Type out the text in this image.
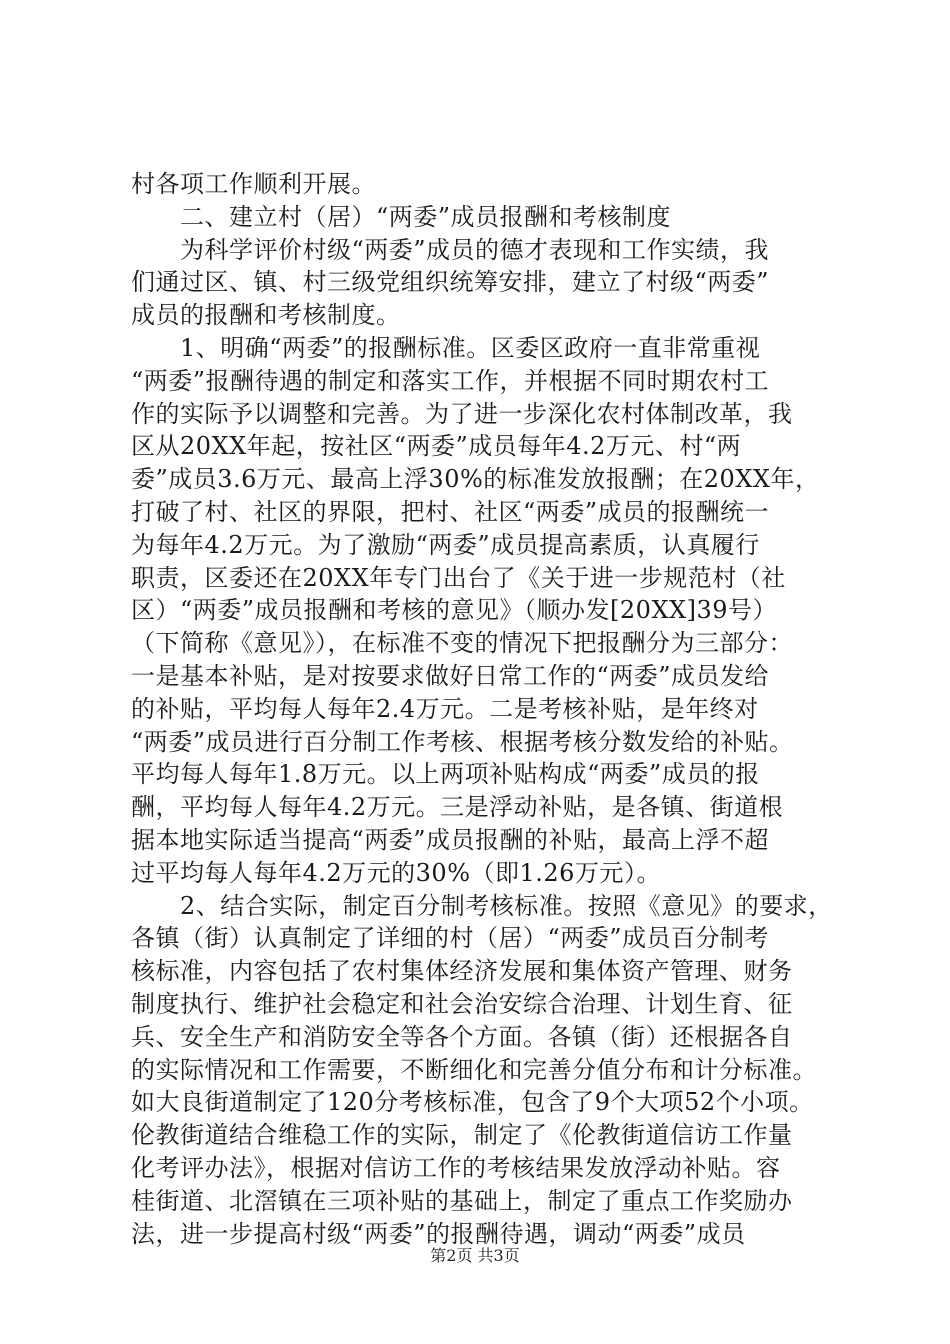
村各项工作顺利开展。
　　二、建立村（居）“两委”成员报酬和考核制度
　　为科学评价村级“两委”成员的德才表现和工作实绩，我
们通过区、镇、村三级党组织统筹安排，建立了村级“两委”
成员的报酬和考核制度。
　　1、明确“两委”的报酬标准。区委区政府一直非常重视
“两委”报酬待遇的制定和落实工作，并根据不同时期农村工
作的实际予以调整和完善。为了进一步深化农村体制改革，我
区从20XX年起，按社区“两委”成员每年4.2万元、村“两
委”成员3.6万元、最高上浮30%的标准发放报酬；在20XX年，
打破了村、社区的界限，把村、社区“两委”成员的报酬统一
为每年4.2万元。为了激励“两委”成员提高素质，认真履行
职责，区委还在20XX年专门出台了《关于进一步规范村（社
区）“两委”成员报酬和考核的意见》（顺办发[20XX]39号）
（下简称《意见》），在标准不变的情况下把报酬分为三部分：
一是基本补贴，是对按要求做好日常工作的“两委”成员发给
的补贴，平均每人每年2.4万元。二是考核补贴，是年终对
“两委”成员进行百分制工作考核、根据考核分数发给的补贴。
平均每人每年1.8万元。以上两项补贴构成“两委”成员的报
酬，平均每人每年4.2万元。三是浮动补贴，是各镇、街道根
据本地实际适当提高“两委”成员报酬的补贴，最高上浮不超
过平均每人每年4.2万元的30%（即1.26万元）。
　　2、结合实际，制定百分制考核标准。按照《意见》的要求，
各镇（街）认真制定了详细的村（居）“两委”成员百分制考
核标准，内容包括了农村集体经济发展和集体资产管理、财务
制度执行、维护社会稳定和社会治安综合治理、计划生育、征
兵、安全生产和消防安全等各个方面。各镇（街）还根据各自
的实际情况和工作需要，不断细化和完善分值分布和计分标准。
如大良街道制定了120分考核标准，包含了9个大项52个小项。
伦教街道结合维稳工作的实际，制定了《伦教街道信访工作量
化考评办法》，根据对信访工作的考核结果发放浮动补贴。容
桂街道、北滘镇在三项补贴的基础上，制定了重点工作奖励办
法，进一步提高村级“两委”的报酬待遇，调动“两委”成员
第2页 共3页
